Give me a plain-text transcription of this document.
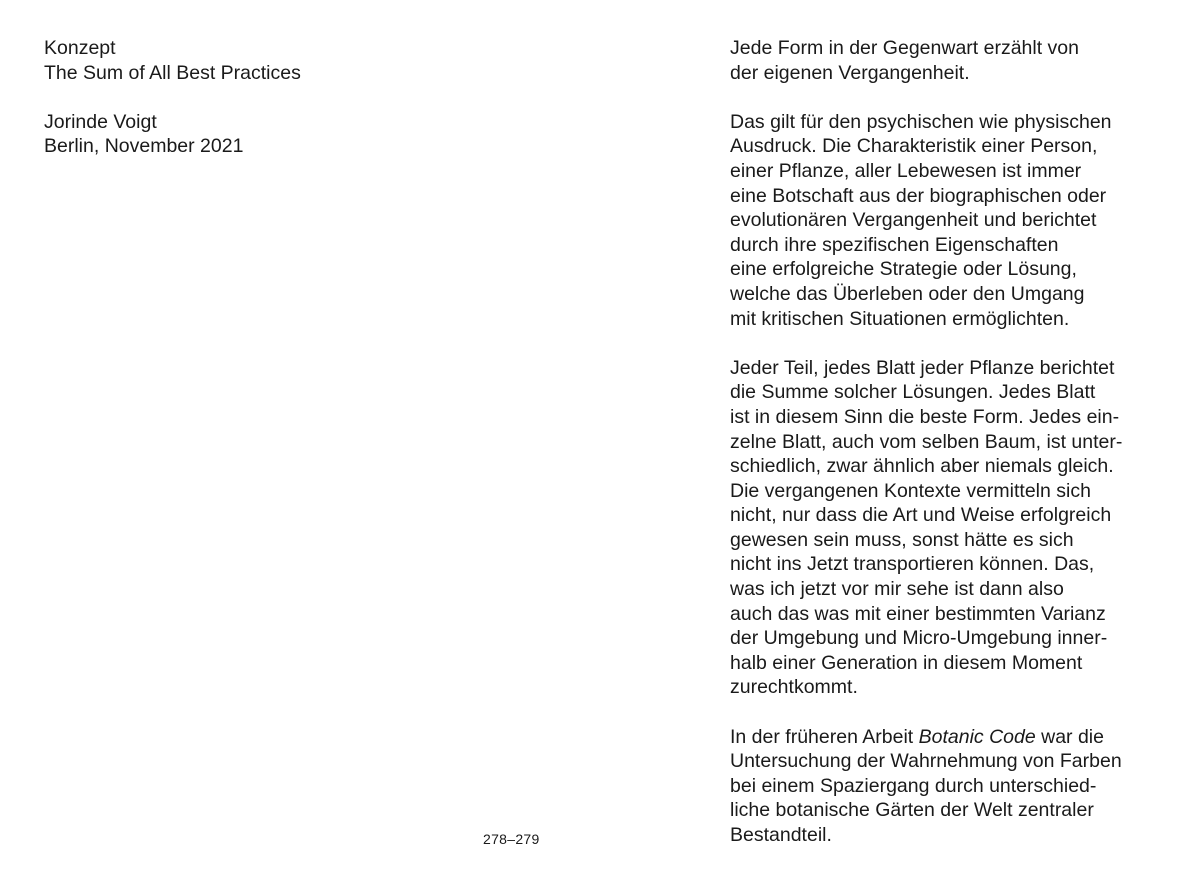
Konzept
The Sum of All Best Practices
Jorinde Voigt
Berlin, November 2021
Jede Form in der Gegenwart erzählt von
der eigenen Vergangenheit.
Das gilt für den psychischen wie physischen
Ausdruck. Die Charakteristik einer Person,
einer Pflanze, aller Lebewesen ist immer
eine Botschaft aus der biographischen oder
evolutionären Vergangenheit und berichtet
durch ihre spezifischen Eigenschaften
eine erfolgreiche Strategie oder Lösung,
welche das Überleben oder den Umgang
mit kritischen Situationen ermöglichten.
Jeder Teil, jedes Blatt jeder Pflanze berichtet
die Summe solcher Lösungen. Jedes Blatt
ist in diesem Sinn die beste Form. Jedes ein-
zelne Blatt, auch vom selben Baum, ist unter-
schiedlich, zwar ähnlich aber niemals gleich.
Die vergangenen Kontexte vermitteln sich
nicht, nur dass die Art und Weise erfolgreich
gewesen sein muss, sonst hätte es sich
nicht ins Jetzt transportieren können. Das,
was ich jetzt vor mir sehe ist dann also
auch das was mit einer bestimmten Varianz
der Umgebung und Micro-Umgebung inner-
halb einer Generation in diesem Moment
zurechtkommt.
In der früheren Arbeit Botanic Code war die
Untersuchung der Wahrnehmung von Farben
bei einem Spaziergang durch unterschied-
liche botanische Gärten der Welt zentraler
Bestandteil.
278–279
